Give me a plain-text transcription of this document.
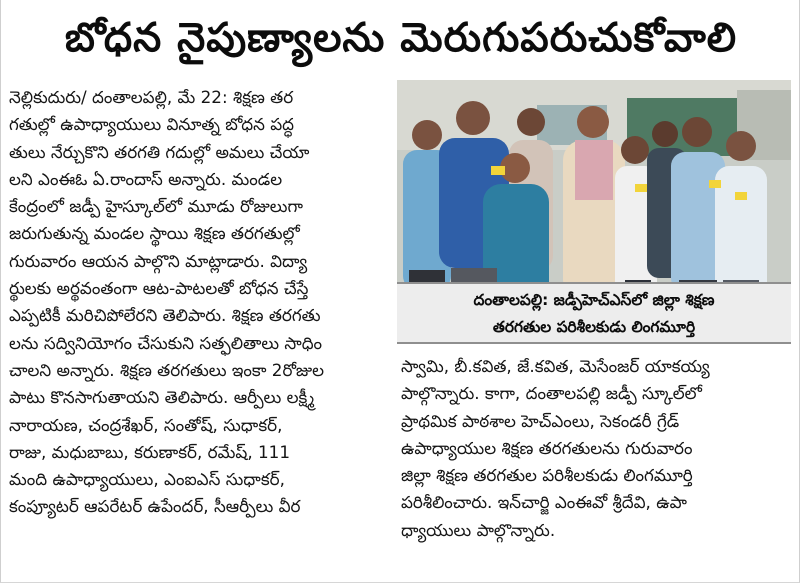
బోధన నైపుణ్యాలను మెరుగుపరుచుకోవాలి
నెల్లికుదురు/ దంతాలపల్లి, మే 22: శిక్షణ తర
గతుల్లో ఉపాధ్యాయులు వినూత్న బోధన పద్ధ
తులు నేర్చుకొని తరగతి గదుల్లో అమలు చేయా
లని ఎంఈఓ ఏ.రాందాస్ అన్నారు. మండల
కేంద్రంలో జడ్పీ హైస్కూల్‌లో మూడు రోజులుగా
జరుగుతున్న మండల స్థాయి శిక్షణ తరగతుల్లో
గురువారం ఆయన పాల్గొని మాట్లాడారు. విద్యా
ర్థులకు అర్థవంతంగా ఆట-పాటలతో బోధన చేస్తే
ఎప్పటికీ మరిచిపోలేరని తెలిపారు. శిక్షణ తరగతు
లను సద్వినియోగం చేసుకుని సత్ఫలితాలు సాధిం
చాలని అన్నారు. శిక్షణ తరగతులు ఇంకా 2రోజుల
పాటు కొనసాగుతాయని తెలిపారు. ఆర్పీలు లక్ష్మీ
నారాయణ, చంద్రశేఖర్, సంతోష్, సుధాకర్,
రాజు, మధుబాబు, కరుణాకర్, రమేష్, 111
మంది ఉపాధ్యాయులు, ఎంఐఎస్ సుధాకర్,
కంప్యూటర్ ఆపరేటర్ ఉపేందర్, సీఆర్పీలు వీర
దంతాలపల్లి: జడ్పీహెచ్ఎస్‌లో జిల్లా శిక్షణ
తరగతుల పరిశీలకుడు లింగమూర్తి
స్వామి, బీ.కవిత, జే.కవిత, మెసేంజర్ యాకయ్య
పాల్గొన్నారు. కాగా, దంతాలపల్లి జడ్పీ స్కూల్‌లో
ప్రాథమిక పాఠశాల హెచ్ఎంలు, సెకండరీ గ్రేడ్
ఉపాధ్యాయుల శిక్షణ తరగతులను గురువారం
జిల్లా శిక్షణ తరగతుల పరిశీలకుడు లింగమూర్తి
పరిశీలించారు. ఇన్‌చార్జి ఎంఈవో శ్రీదేవి, ఉపా
ధ్యాయులు పాల్గొన్నారు.
